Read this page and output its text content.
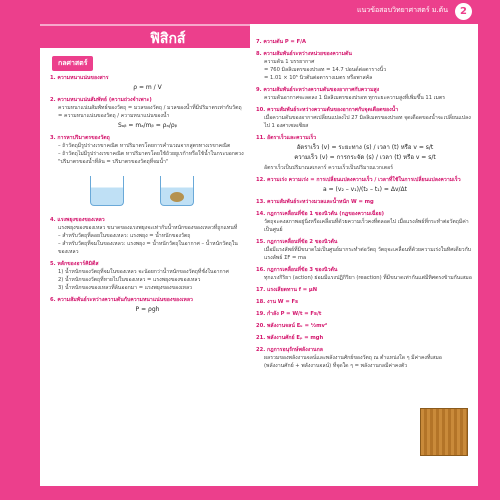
แนวข้อสอบวิทยาศาสตร์ ม.ต้น	2
ฟิสิกส์
กลศาสตร์
1. ความหนาแน่นของสาร
ρ = m / V
2. ความหนาแน่นสัมพัทธ์ (ความถ่วงจำเพาะ)
ความหนาแน่นสัมพัทธ์ของวัตถุ = มวลของวัตถุ / มวลของน้ำที่มีปริมาตรเท่ากับวัตถุ
= ความหนาแน่นของวัตถุ / ความหนาแน่นของน้ำ
Sₐᵦ = mₐ/mᵦ = ρₐ/ρᵦ
3. การหาปริมาตรของวัตถุ
– ถ้าวัตถุมีรูปร่างเรขาคณิต หาปริมาตรโดยการคำนวณจากสูตรทางเรขาคณิต
– ถ้าวัตถุไม่มีรูปร่างเรขาคณิต หาปริมาตรโดยใช้ถ้วยยูเรก้าหรือใช้น้ำในกระบอกตวง
"ปริมาตรของน้ำที่ล้น = ปริมาตรของวัตถุที่จมน้ำ"
4. แรงพยุงของของเหลว
แรงพยุงของของเหลว ขนาดของแรงพยุงจะเท่ากับน้ำหนักของของเหลวที่ถูกแทนที่
– สำหรับวัตถุที่ลอยในของเหลว: แรงพยุง = น้ำหนักของวัตถุ
– สำหรับวัตถุที่จมในของเหลว: แรงพยุง = น้ำหนักวัตถุในอากาศ – น้ำหนักวัตถุในของเหลว
5. หลักของอาร์คิมิดีส
1) น้ำหนักของวัตถุที่จมในของเหลว จะน้อยกว่าน้ำหนักของวัตถุที่ชั่งในอากาศ
2) น้ำหนักของวัตถุที่หายไปในของเหลว = แรงพยุงของของเหลว
3) น้ำหนักของของเหลวที่ล้นออกมา = แรงพยุงของของเหลว
6. ความสัมพันธ์ระหว่างความดันกับความหนาแน่นของของเหลว
P = ρgh
7. ความดัน P = F/A
8. ความสัมพันธ์ระหว่างหน่วยของความดัน
ความดัน 1 บรรยากาศ
= 760 มิลลิเมตรของปรอท = 14.7 ปอนด์ต่อตารางนิ้ว
= 1.01 × 10⁵ นิวตันต่อตารางเมตร หรือพาสคัล
9. ความสัมพันธ์ระหว่างความดันของอากาศกับความสูง
ความดันอากาศจะลดลง 1 มิลลิเมตรของปรอท ทุกระยะความสูงที่เพิ่มขึ้น 11 เมตร
10. ความสัมพันธ์ระหว่างความดันของอากาศกับจุดเดือดของน้ำ
เมื่อความดันของอากาศเปลี่ยนแปลงไป 27 มิลลิเมตรของปรอท จุดเดือดของน้ำจะเปลี่ยนแปลงไป 1 องศาเซลเซียส
11. อัตราเร็วและความเร็ว
อัตราเร็ว (v) = ระยะทาง (s) / เวลา (t) หรือ v = s/t
ความเร็ว (v) = การกระจัด (s) / เวลา (t) หรือ v = s/t
อัตราเร็วเป็นปริมาณสเกลาร์ ความเร็วเป็นปริมาณเวกเตอร์
12. ความเร่ง ความเร่ง = การเปลี่ยนแปลงความเร็ว / เวลาที่ใช้ในการเปลี่ยนแปลงความเร็ว
a = (v₂ – v₁)/(t₂ – t₁) = Δv/Δt
13. ความสัมพันธ์ระหว่างมวลและน้ำหนัก W = mg
14. กฎการเคลื่อนที่ข้อ 1 ของนิวตัน (กฎของความเฉื่อย)
วัตถุจะคงสภาพอยู่นิ่งหรือเคลื่อนที่ด้วยความเร็วคงที่ตลอดไป เมื่อแรงลัพธ์ที่กระทำต่อวัตถุมีค่าเป็นศูนย์
15. กฎการเคลื่อนที่ข้อ 2 ของนิวตัน
เมื่อมีแรงลัพธ์ที่มีขนาดไม่เป็นศูนย์มากระทำต่อวัตถุ วัตถุจะเคลื่อนที่ด้วยความเร่งในทิศเดียวกับแรงลัพธ์ ΣF = ma
16. กฎการเคลื่อนที่ข้อ 3 ของนิวตัน
ทุกแรงกิริยา (action) ย่อมมีแรงปฏิกิริยา (reaction) ที่มีขนาดเท่ากันแต่มีทิศตรงข้ามกันเสมอ
17. แรงเสียดทาน f = μN
18. งาน W = Fs
19. กำลัง P = W/t = Fs/t
20. พลังงานจลน์ Eₖ = ½mv²
21. พลังงานศักย์ Eₚ = mgh
22. กฎการอนุรักษ์พลังงานกล
ผลรวมของพลังงานจลน์และพลังงานศักย์ของวัตถุ ณ ตำแหน่งใด ๆ มีค่าคงที่เสมอ
(พลังงานศักย์ + พลังงานจลน์) ที่จุดใด ๆ = พลังงานกลมีค่าคงตัว
